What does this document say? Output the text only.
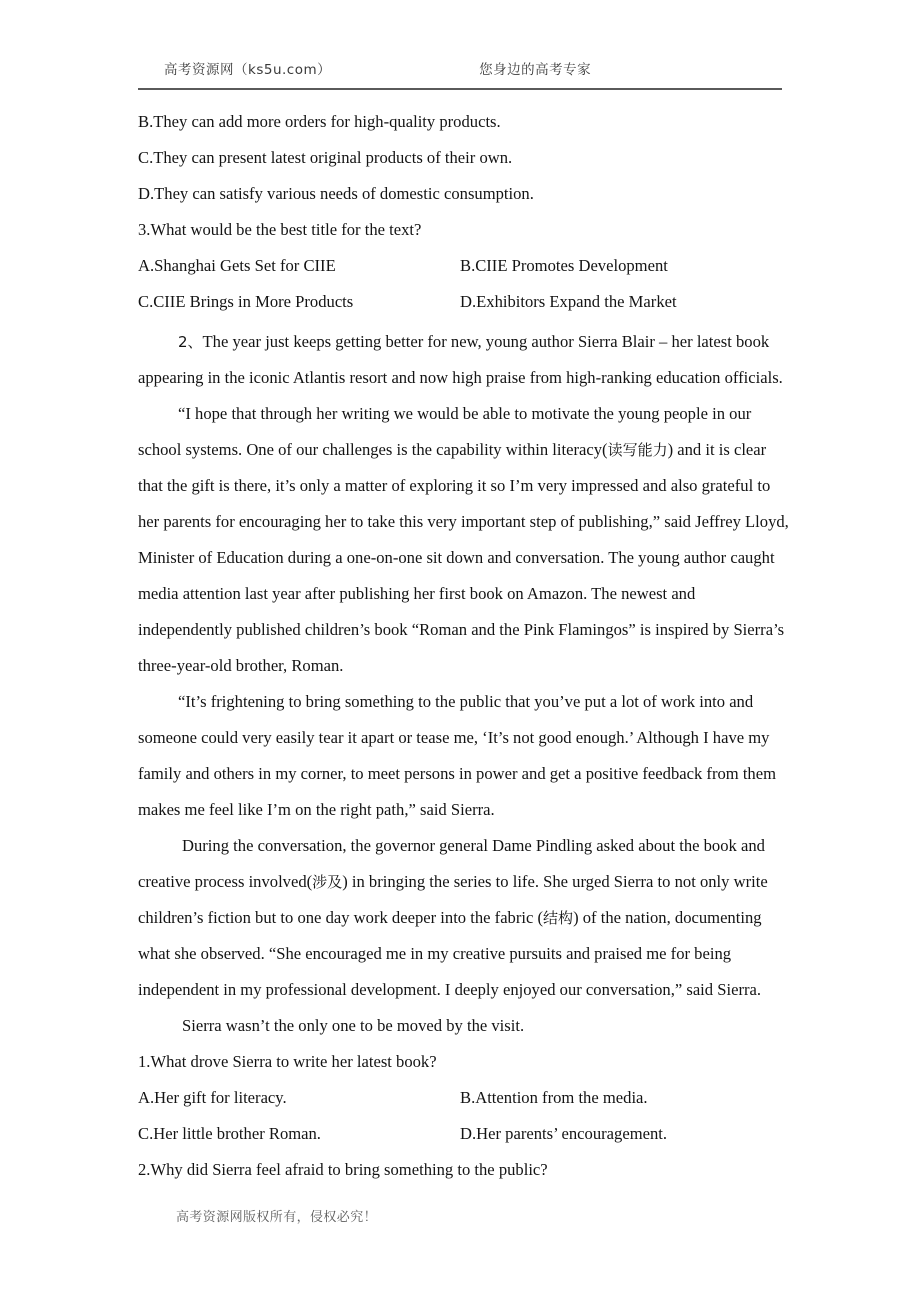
高考资源网（ks5u.com）	您身边的高考专家
B.They can add more orders for high-quality products.
C.They can present latest original products of their own.
D.They can satisfy various needs of domestic consumption.
3.What would be the best title for the text?
A.Shanghai Gets Set for CIIE	B.CIIE Promotes Development
C.CIIE Brings in More Products	D.Exhibitors Expand the Market
2、The year just keeps getting better for new, young author Sierra Blair – her latest book
appearing in the iconic Atlantis resort and now high praise from high-ranking education officials.
“I hope that through her writing we would be able to motivate the young people in our
school systems. One of our challenges is the capability within literacy(读写能力) and it is clear
that the gift is there, it’s only a matter of exploring it so I’m very impressed and also grateful to
her parents for encouraging her to take this very important step of publishing,” said Jeffrey Lloyd,
Minister of Education during a one-on-one sit down and conversation. The young author caught
media attention last year after publishing her first book on Amazon. The newest and
independently published children’s book “Roman and the Pink Flamingos” is inspired by Sierra’s
three-year-old brother, Roman.
“It’s frightening to bring something to the public that you’ve put a lot of work into and
someone could very easily tear it apart or tease me, ‘It’s not good enough.’ Although I have my
family and others in my corner, to meet persons in power and get a positive feedback from them
makes me feel like I’m on the right path,” said Sierra.
During the conversation, the governor general Dame Pindling asked about the book and
creative process involved(涉及) in bringing the series to life. She urged Sierra to not only write
children’s fiction but to one day work deeper into the fabric (结构) of the nation, documenting
what she observed. “She encouraged me in my creative pursuits and praised me for being
independent in my professional development. I deeply enjoyed our conversation,” said Sierra.
Sierra wasn’t the only one to be moved by the visit.
1.What drove Sierra to write her latest book?
A.Her gift for literacy.	B.Attention from the media.
C.Her little brother Roman.	D.Her parents’ encouragement.
2.Why did Sierra feel afraid to bring something to the public?
高考资源网版权所有，侵权必究！
